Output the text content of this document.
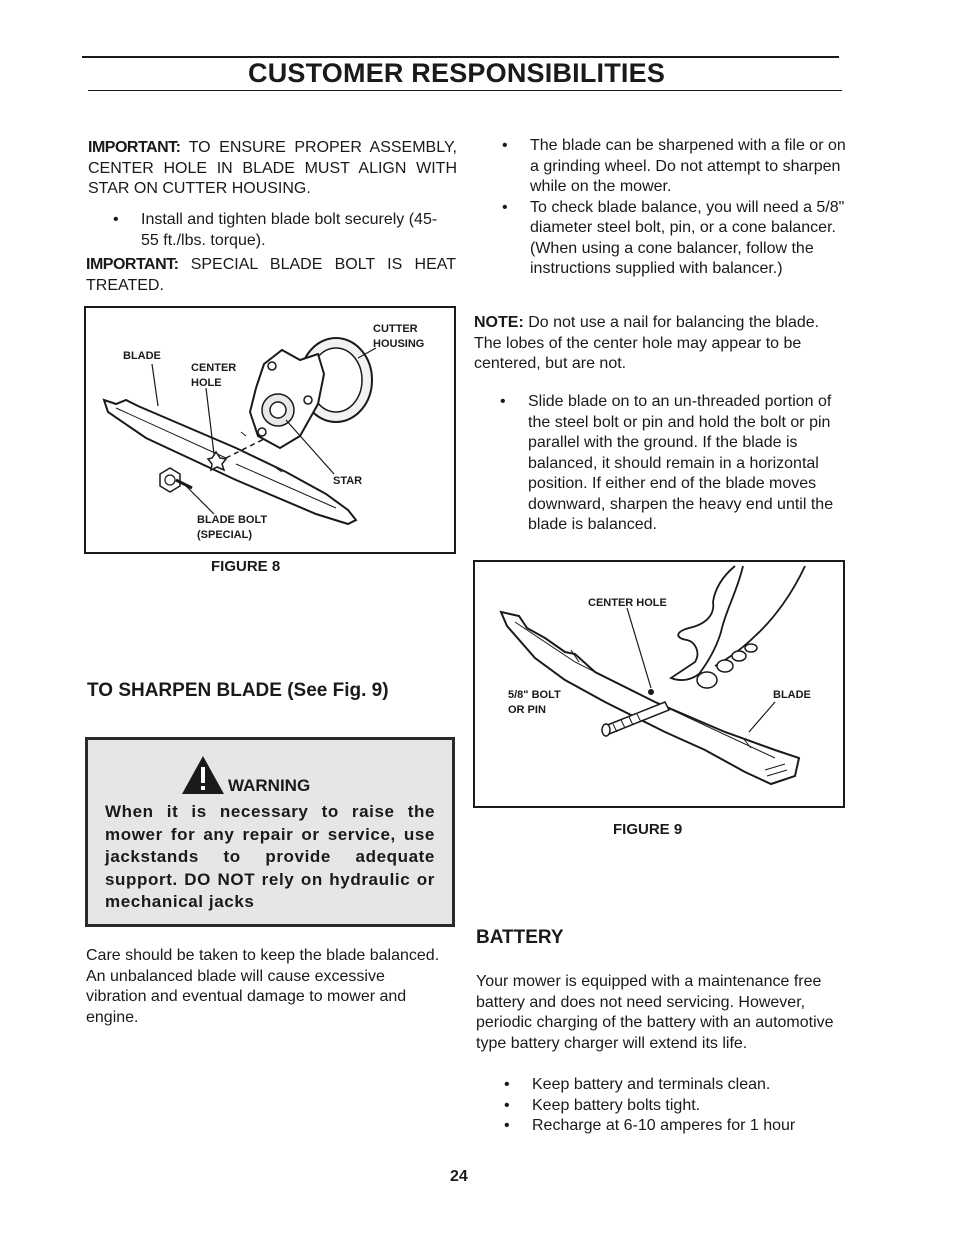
CUSTOMER RESPONSIBILITIES
IMPORTANT: TO ENSURE PROPER ASSEMBLY, CENTER HOLE IN BLADE MUST ALIGN WITH STAR ON CUTTER HOUSING.
• Install and tighten blade bolt securely (45-55 ft./lbs. torque).
IMPORTANT: SPECIAL BLADE BOLT IS HEAT TREATED.
BLADE
CENTER
HOLE
CUTTER
HOUSING
STAR
BLADE BOLT
(SPECIAL)
FIGURE 8
TO SHARPEN BLADE (See Fig. 9)
WARNING
When it is necessary to raise the mower for any repair or service, use jackstands to provide adequate support. DO NOT rely on hydraulic or mechanical jacks
Care should be taken to keep the blade balanced. An unbalanced blade will cause excessive vibration and eventual damage to mower and engine.
• The blade can be sharpened with a file or on a grinding wheel. Do not attempt to sharpen while on the mower.
• To check blade balance, you will need a 5/8" diameter steel bolt, pin, or a cone balancer. (When using a cone balancer, follow the instructions supplied with balancer.)
NOTE: Do not use a nail for balancing the blade. The lobes of the center hole may appear to be centered, but are not.
• Slide blade on to an un-threaded portion of the steel bolt or pin and hold the bolt or pin parallel with the ground. If the blade is balanced, it should remain in a horizontal position. If either end of the blade moves downward, sharpen the heavy end until the blade is balanced.
CENTER HOLE
5/8" BOLT
OR PIN
BLADE
FIGURE 9
BATTERY
Your mower is equipped with a maintenance free battery and does not need servicing. However, periodic charging of the battery with an automotive type battery charger will extend its life.
• Keep battery and terminals clean.
• Keep battery bolts tight.
• Recharge at 6-10 amperes for 1 hour
24
